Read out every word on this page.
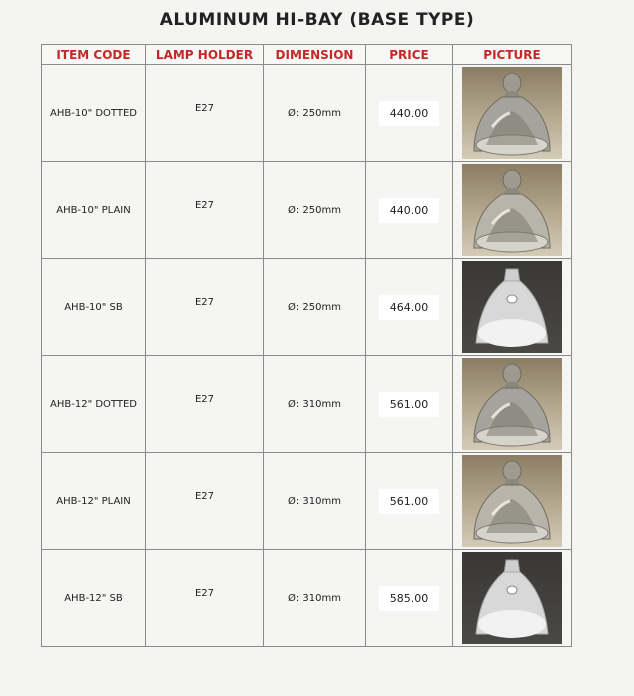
ALUMINUM HI-BAY (BASE TYPE)
ITEM CODE	LAMP HOLDER	DIMENSION	PRICE	PICTURE
AHB-10" DOTTED	E27	Ø: 250mm	440.00	

AHB-10" PLAIN	E27	Ø: 250mm	440.00	

AHB-10" SB	E27	Ø: 250mm	464.00	

AHB-12" DOTTED	E27	Ø: 310mm	561.00	

AHB-12" PLAIN	E27	Ø: 310mm	561.00	

AHB-12" SB	E27	Ø: 310mm	585.00	
